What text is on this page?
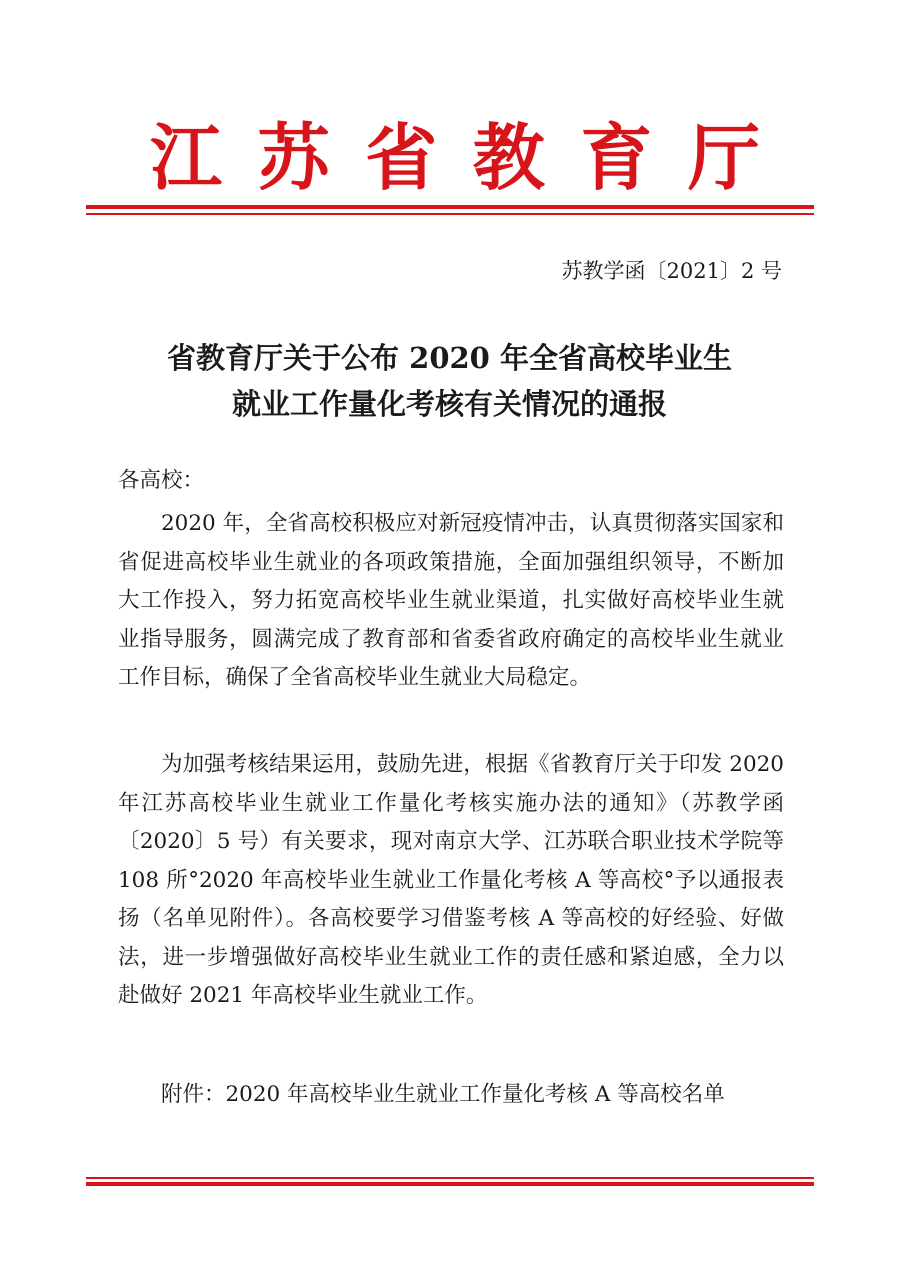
江 苏 省 教 育 厅
苏教学函〔2021〕2 号
省教育厅关于公布 2020 年全省高校毕业生
就业工作量化考核有关情况的通报
各高校：
2020 年，全省高校积极应对新冠疫情冲击，认真贯彻落实国家和省促进高校毕业生就业的各项政策措施，全面加强组织领导，不断加大工作投入，努力拓宽高校毕业生就业渠道，扎实做好高校毕业生就业指导服务，圆满完成了教育部和省委省政府确定的高校毕业生就业工作目标，确保了全省高校毕业生就业大局稳定。
为加强考核结果运用，鼓励先进，根据《省教育厅关于印发 2020 年江苏高校毕业生就业工作量化考核实施办法的通知》（苏教学函〔2020〕5 号）有关要求，现对南京大学、江苏联合职业技术学院等 108 所°2020 年高校毕业生就业工作量化考核 A 等高校°予以通报表扬（名单见附件）。各高校要学习借鉴考核 A 等高校的好经验、好做法，进一步增强做好高校毕业生就业工作的责任感和紧迫感，全力以赴做好 2021 年高校毕业生就业工作。
附件：2020 年高校毕业生就业工作量化考核 A 等高校名单
